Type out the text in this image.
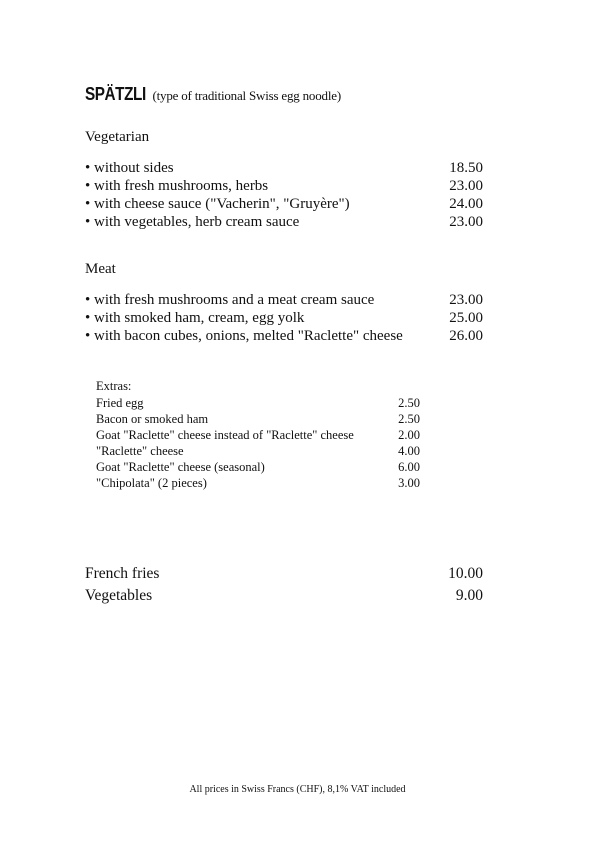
SPÄTZLI (type of traditional Swiss egg noodle)
Vegetarian
• without sides	18.50
• with fresh mushrooms, herbs	23.00
• with cheese sauce ("Vacherin", "Gruyère")	24.00
• with vegetables, herb cream sauce	23.00
Meat
• with fresh mushrooms and a meat cream sauce	23.00
• with smoked ham, cream, egg yolk	25.00
• with bacon cubes, onions, melted "Raclette" cheese	26.00
Extras:
Fried egg	2.50
Bacon or smoked ham	2.50
Goat "Raclette" cheese instead of "Raclette" cheese	2.00
"Raclette" cheese	4.00
Goat "Raclette" cheese (seasonal)	6.00
"Chipolata" (2 pieces)	3.00
French fries	10.00
Vegetables	9.00
All prices in Swiss Francs (CHF), 8,1% VAT included
